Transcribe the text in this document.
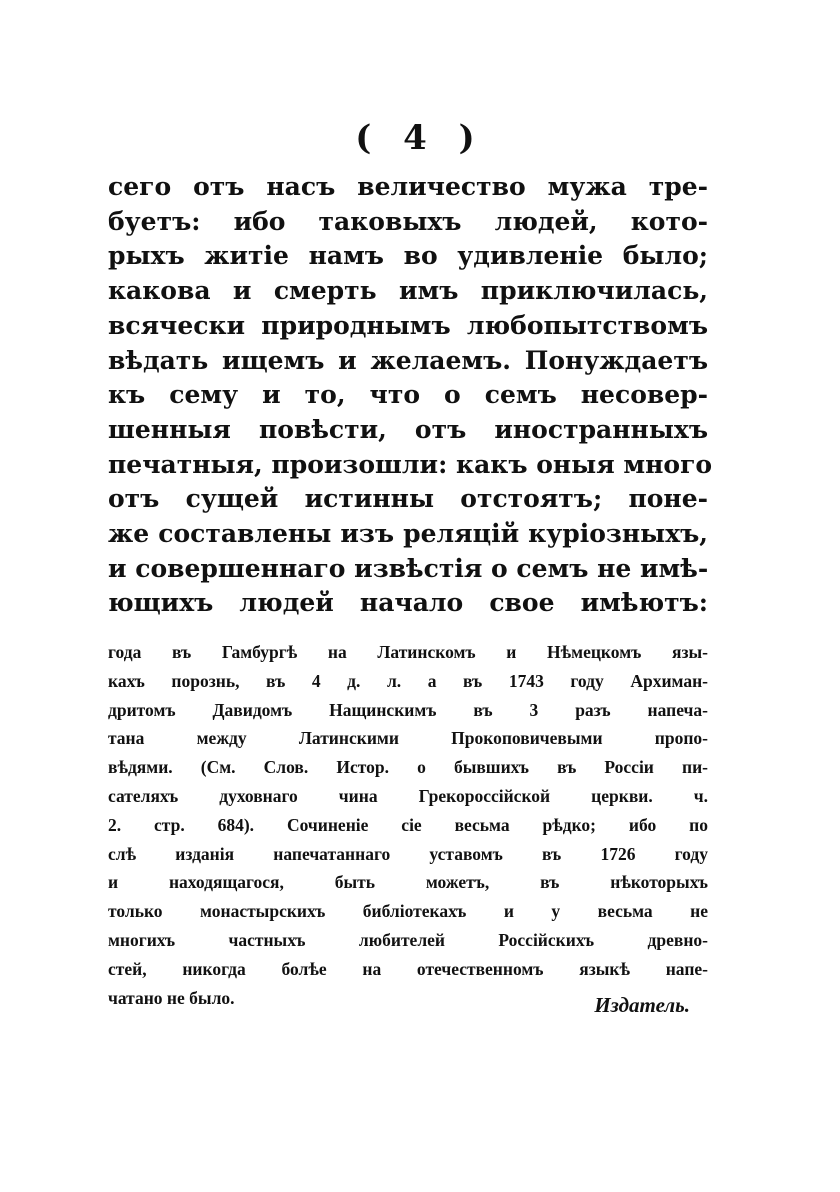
( 4 )
сего отъ насъ величество мужа тре-
буетъ: ибо таковыхъ людей, кото-
рыхъ житіе намъ во удивленіе было;
какова и смерть имъ приключилась,
всячески природнымъ любопытствомъ
вѣдать ищемъ и желаемъ. Понуждаетъ
къ сему и то, что о семъ несовер-
шенныя повѣсти, отъ иностранныхъ
печатныя, произошли: какъ оныя много
отъ сущей истинны отстоятъ; поне-
же составлены изъ реляцій куріозныхъ,
и совершеннаго извѣстія о семъ не имѣ-
ющихъ людей начало свое имѣютъ:
года въ Гамбургѣ на Латинскомъ и Нѣмецкомъ язы-
кахъ порознь, въ 4 д. л. а въ 1743 году Архиман-
дритомъ Давидомъ Нащинскимъ въ 3 разъ напеча-
тана между Латинскими Прокоповичевыми пропо-
вѣдями. (См. Слов. Истор. о бывшихъ въ Россіи пи-
сателяхъ духовнаго чина Грекороссійской церкви. ч.
2. стр. 684). Сочиненіе сіе весьма рѣдко; ибо по
слѣ изданія напечатаннаго уставомъ въ 1726 году
и находящагося, быть можетъ, въ нѣкоторыхъ
только монастырскихъ библіотекахъ и у весьма не
многихъ частныхъ любителей Россійскихъ древно-
стей, никогда болѣе на отечественномъ языкѣ напе-
чатано не было.	Издатель.
